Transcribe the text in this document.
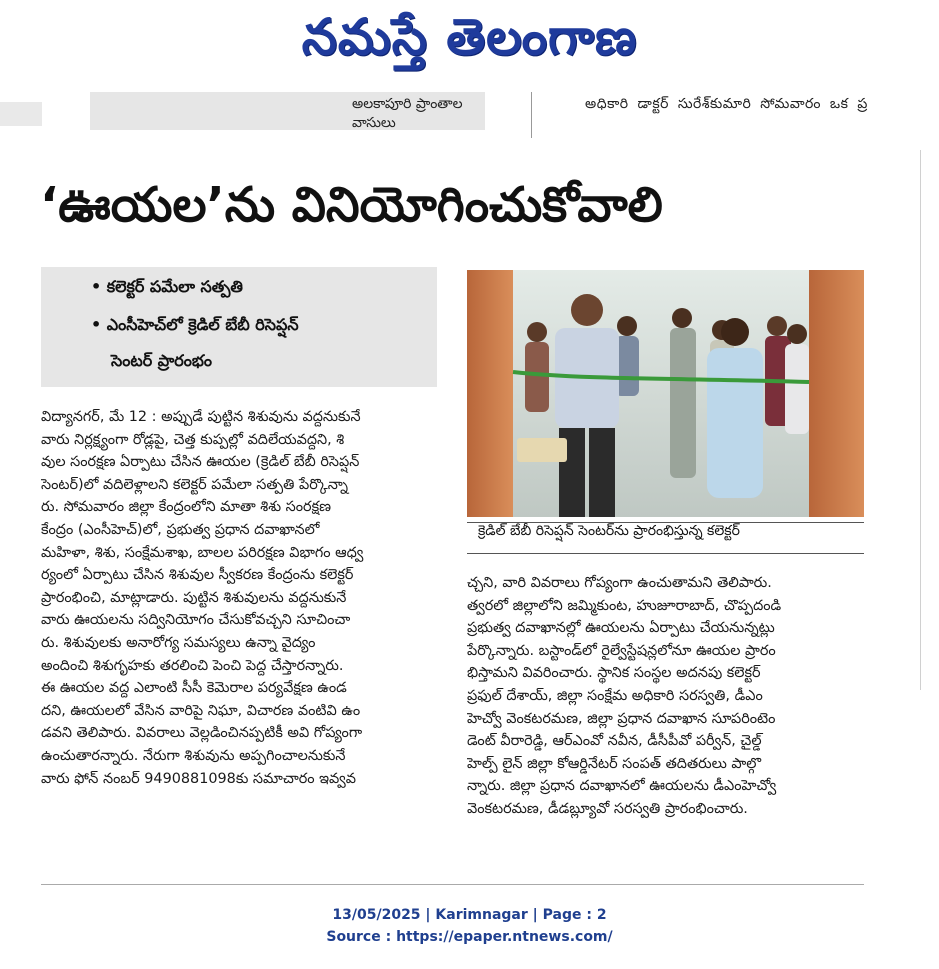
నమస్తే తెలంగాణ
అలకాపూరి ప్రాంతాల వాసులు
అధికారి డాక్టర్ సురేశ్‌కుమారి సోమవారం ఒక ప్ర
‘ఊయల’ను వినియోగించుకోవాలి
• కలెక్టర్ పమేలా సత్పతి
• ఎంసీహెచ్‌లో క్రెడిల్ బేబీ రిసెప్షన్
సెంటర్ ప్రారంభం
క్రెడిల్ బేబీ రిసెప్షన్ సెంటర్‌ను ప్రారంభిస్తున్న కలెక్టర్
విద్యానగర్, మే 12 : అప్పుడే పుట్టిన శిశువును వద్దనుకునే
వారు నిర్లక్ష్యంగా రోడ్లపై, చెత్త కుప్పల్లో వదిలేయవద్దని, శి
వుల సంరక్షణ ఏర్పాటు చేసిన ఊయల (క్రెడిల్ బేబీ రిసెప్షన్
సెంటర్)లో వదిలెళ్లాలని కలెక్టర్ పమేలా సత్పతి పేర్కొన్నా
రు. సోమవారం జిల్లా కేంద్రంలోని మాతా శిశు సంరక్షణ
కేంద్రం (ఎంసీహెచ్)లో, ప్రభుత్వ ప్రధాన దవాఖానలో
మహిళా, శిశు, సంక్షేమశాఖ, బాలల పరిరక్షణ విభాగం ఆధ్వ
ర్యంలో ఏర్పాటు చేసిన శిశువుల స్వీకరణ కేంద్రంను కలెక్టర్
ప్రారంభించి, మాట్లాడారు. పుట్టిన శిశువులను వద్దనుకునే
వారు ఊయలను సద్వినియోగం చేసుకోవచ్చని సూచించా
రు. శిశువులకు అనారోగ్య సమస్యలు ఉన్నా వైద్యం
అందించి శిశుగృహకు తరలించి పెంచి పెద్ద చేస్తారన్నారు.
ఈ ఊయల వద్ద ఎలాంటి సీసీ కెమెరాల పర్యవేక్షణ ఉండ
దని, ఊయలలో వేసిన వారిపై నిఘా, విచారణ వంటివి ఉం
డవని తెలిపారు. వివరాలు వెల్లడించినప్పటికీ అవి గోప్యంగా
ఉంచుతారన్నారు. నేరుగా శిశువును అప్పగించాలనుకునే
వారు ఫోన్ నంబర్ 9490881098కు సమాచారం ఇవ్వవ
చ్చని, వారి వివరాలు గోప్యంగా ఉంచుతామని తెలిపారు.
త్వరలో జిల్లాలోని జమ్మికుంట, హుజూరాబాద్, చొప్పదండి
ప్రభుత్వ దవాఖానల్లో ఊయలను ఏర్పాటు చేయనున్నట్లు
పేర్కొన్నారు. బస్టాండ్‌లో రైల్వేస్టేషన్లలోనూ ఊయల ప్రారం
భిస్తామని వివరించారు. స్థానిక సంస్థల అదనపు కలెక్టర్
ప్రఫుల్ దేశాయ్, జిల్లా సంక్షేమ అధికారి సరస్వతి, డీఎం
హెచ్వో వెంకటరమణ, జిల్లా ప్రధాన దవాఖాన సూపరింటెం
డెంట్ వీరారెడ్డి, ఆర్ఎంవో నవీన, డీసీపీవో పర్వీన్, చైల్డ్
హెల్ప్ లైన్ జిల్లా కోఆర్డినేటర్ సంపత్ తదితరులు పాల్గొ
న్నారు. జిల్లా ప్రధాన దవాఖానలో ఊయలను డీఎంహెచ్వో
వెంకటరమణ, డీడబ్ల్యూవో సరస్వతి ప్రారంభించారు.
13/05/2025 | Karimnagar | Page : 2
Source : https://epaper.ntnews.com/
